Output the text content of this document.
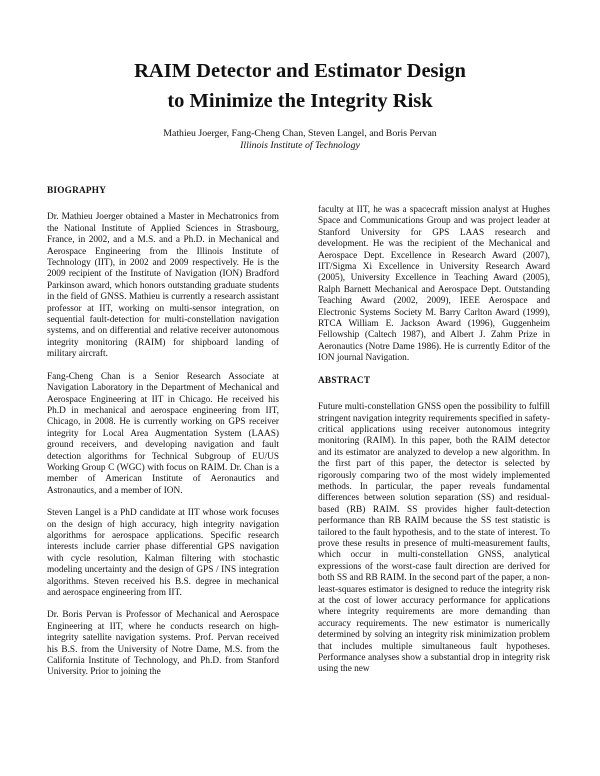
RAIM Detector and Estimator Design
to Minimize the Integrity Risk
Mathieu Joerger, Fang-Cheng Chan, Steven Langel, and Boris Pervan
Illinois Institute of Technology
BIOGRAPHY

Dr. Mathieu Joerger obtained a Master in Mechatronics from the National Institute of Applied Sciences in Strasbourg, France, in 2002, and a M.S. and a Ph.D. in Mechanical and Aerospace Engineering from the Illinois Institute of Technology (IIT), in 2002 and 2009 respectively. He is the 2009 recipient of the Institute of Navigation (ION) Bradford Parkinson award, which honors outstanding graduate students in the field of GNSS. Mathieu is currently a research assistant professor at IIT, working on multi-sensor integration, on sequential fault-detection for multi-constellation navigation systems, and on differential and relative receiver autonomous integrity monitoring (RAIM) for shipboard landing of military aircraft.

Fang-Cheng Chan is a Senior Research Associate at Navigation Laboratory in the Department of Mechanical and Aerospace Engineering at IIT in Chicago. He received his Ph.D in mechanical and aerospace engineering from IIT, Chicago, in 2008. He is currently working on GPS receiver integrity for Local Area Augmentation System (LAAS) ground receivers, and developing navigation and fault detection algorithms for Technical Subgroup of EU/US Working Group C (WGC) with focus on RAIM. Dr. Chan is a member of American Institute of Aeronautics and Astronautics, and a member of ION.

Steven Langel is a PhD candidate at IIT whose work focuses on the design of high accuracy, high integrity navigation algorithms for aerospace applications. Specific research interests include carrier phase differential GPS navigation with cycle resolution, Kalman filtering with stochastic modeling uncertainty and the design of GPS / INS integration algorithms. Steven received his B.S. degree in mechanical and aerospace engineering from IIT.

Dr. Boris Pervan is Professor of Mechanical and Aerospace Engineering at IIT, where he conducts research on high-integrity satellite navigation systems. Prof. Pervan received his B.S. from the University of Notre Dame, M.S. from the California Institute of Technology, and Ph.D. from Stanford University. Prior to joining the

faculty at IIT, he was a spacecraft mission analyst at Hughes Space and Communications Group and was project leader at Stanford University for GPS LAAS research and development. He was the recipient of the Mechanical and Aerospace Dept. Excellence in Research Award (2007), IIT/Sigma Xi Excellence in University Research Award (2005), University Excellence in Teaching Award (2005), Ralph Barnett Mechanical and Aerospace Dept. Outstanding Teaching Award (2002, 2009), IEEE Aerospace and Electronic Systems Society M. Barry Carlton Award (1999), RTCA William E. Jackson Award (1996), Guggenheim Fellowship (Caltech 1987), and Albert J. Zahm Prize in Aeronautics (Notre Dame 1986). He is currently Editor of the ION journal Navigation.

ABSTRACT

Future multi-constellation GNSS open the possibility to fulfill stringent navigation integrity requirements specified in safety-critical applications using receiver autonomous integrity monitoring (RAIM). In this paper, both the RAIM detector and its estimator are analyzed to develop a new algorithm. In the first part of this paper, the detector is selected by rigorously comparing two of the most widely implemented methods. In particular, the paper reveals fundamental differences between solution separation (SS) and residual-based (RB) RAIM. SS provides higher fault-detection performance than RB RAIM because the SS test statistic is tailored to the fault hypothesis, and to the state of interest. To prove these results in presence of multi-measurement faults, which occur in multi-constellation GNSS, analytical expressions of the worst-case fault direction are derived for both SS and RB RAIM. In the second part of the paper, a non-least-squares estimator is designed to reduce the integrity risk at the cost of lower accuracy performance for applications where integrity requirements are more demanding than accuracy requirements. The new estimator is numerically determined by solving an integrity risk minimization problem that includes multiple simultaneous fault hypotheses. Performance analyses show a substantial drop in integrity risk using the new
